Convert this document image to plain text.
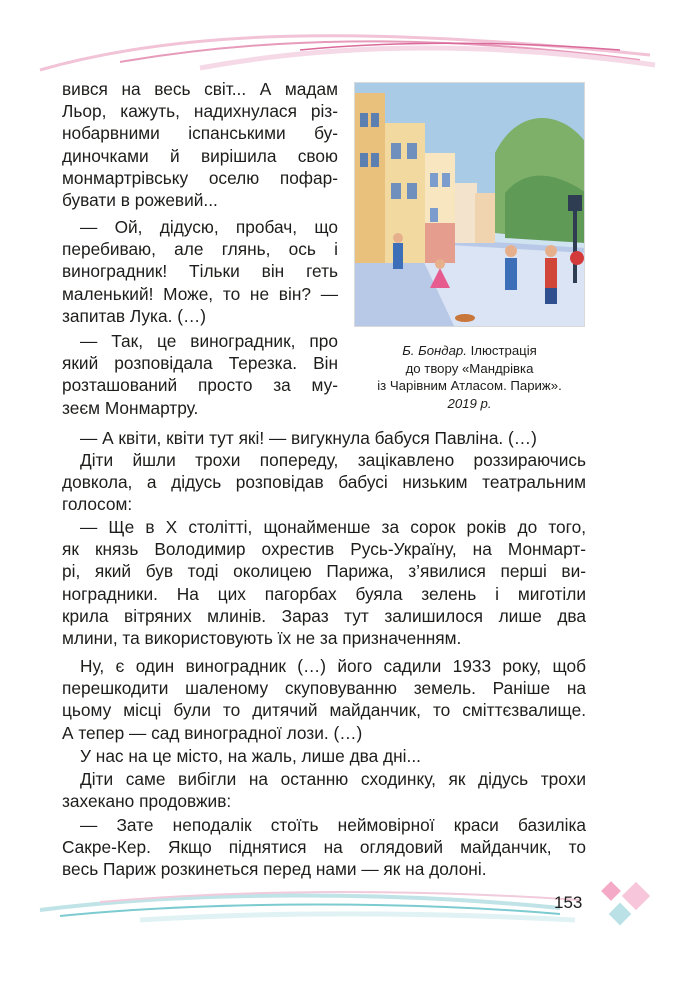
Б. Бондар. Ілюстрація
до твору «Мандрівка
із Чарівним Атласом. Париж».
2019 р.
вився на весь світ... А мадам
Льор, кажуть, надихнулася різ-
нобарвними іспанськими бу-
диночками й вирішила свою
монмартрівську оселю пофар-
бувати в рожевий...
— Ой, дідусю, пробач, що
перебиваю, але глянь, ось і
виноградник! Тільки він геть
маленький! Може, то не він? —
запитав Лука. (…)
— Так, це виноградник, про
який розповідала Терезка. Він
розташований просто за му-
зеєм Монмартру.
— А квіти, квіти тут які! — вигукнула бабуся Павліна. (…)
Діти йшли трохи попереду, зацікавлено роззираючись
довкола, а дідусь розповідав бабусі низьким театральним
голосом:
— Ще в X столітті, щонайменше за сорок років до того,
як князь Володимир охрестив Русь-Україну, на Монмарт-
рі, який був тоді околицею Парижа, з’явилися перші ви-
ноградники. На цих пагорбах буяла зелень і миготіли
крила вітряних млинів. Зараз тут залишилося лише два
млини, та використовують їх не за призначенням.
Ну, є один виноградник (…) його садили 1933 року, щоб
перешкодити шаленому скуповуванню земель. Раніше на
цьому місці були то дитячий майданчик, то сміттєзвалище.
А тепер — сад виноградної лози. (…)
У нас на це місто, на жаль, лише два дні...
Діти саме вибігли на останню сходинку, як дідусь трохи
захекано продовжив:
— Зате неподалік стоїть неймовірної краси базиліка
Сакре-Кер. Якщо піднятися на оглядовий майданчик, то
весь Париж розкинеться перед нами — як на долоні.
153
